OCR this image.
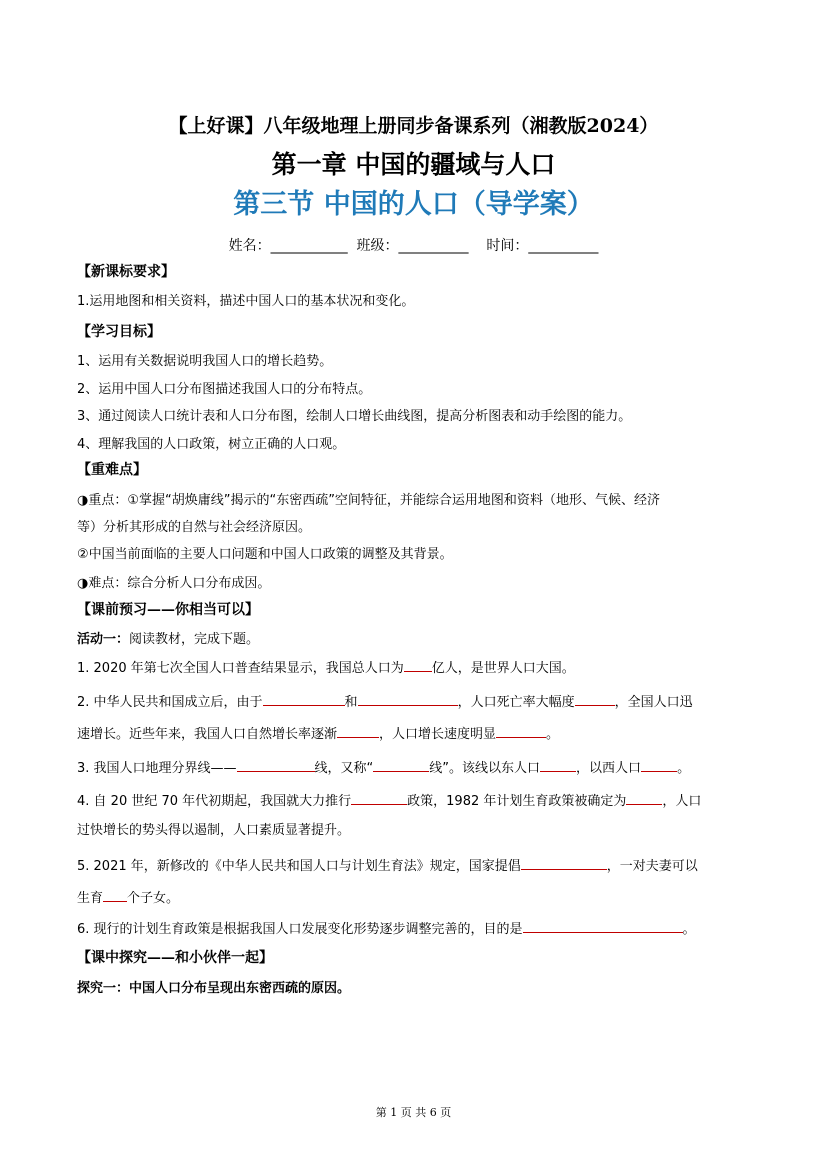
【上好课】八年级地理上册同步备课系列（湘教版2024）
第一章 中国的疆域与人口
第三节 中国的人口（导学案）
姓名：___________ 班级：__________ 时间：__________
【新课标要求】
1.运用地图和相关资料，描述中国人口的基本状况和变化。
【学习目标】
1、运用有关数据说明我国人口的增长趋势。
2、运用中国人口分布图描述我国人口的分布特点。
3、通过阅读人口统计表和人口分布图，绘制人口增长曲线图，提高分析图表和动手绘图的能力。
4、理解我国的人口政策，树立正确的人口观。
【重难点】
◑重点：①掌握“胡焕庸线”揭示的“东密西疏”空间特征，并能综合运用地图和资料（地形、气候、经济
等）分析其形成的自然与社会经济原因。
②中国当前面临的主要人口问题和中国人口政策的调整及其背景。
◑难点：综合分析人口分布成因。
【课前预习——你相当可以】
活动一：阅读教材，完成下题。
1. 2020 年第七次全国人口普查结果显示，我国总人口为 亿人，是世界人口大国。
2. 中华人民共和国成立后，由于	和	，人口死亡率大幅度	，全国人口迅
速增长。近些年来，我国人口自然增长率逐渐	，人口增长速度明显	。
3. 我国人口地理分界线——	线，又称“	线”。该线以东人口	，以西人口	。
4. 自 20 世纪 70 年代初期起，我国就大力推行	政策，1982 年计划生育政策被确定为	，人口
过快增长的势头得以遏制，人口素质显著提升。
5. 2021 年，新修改的《中华人民共和国人口与计划生育法》规定，国家提倡	，一对夫妻可以
生育 个子女。
6. 现行的计划生育政策是根据我国人口发展变化形势逐步调整完善的，目的是	。
【课中探究——和小伙伴一起】
探究一：中国人口分布呈现出东密西疏的原因。
第 1 页 共 6 页
